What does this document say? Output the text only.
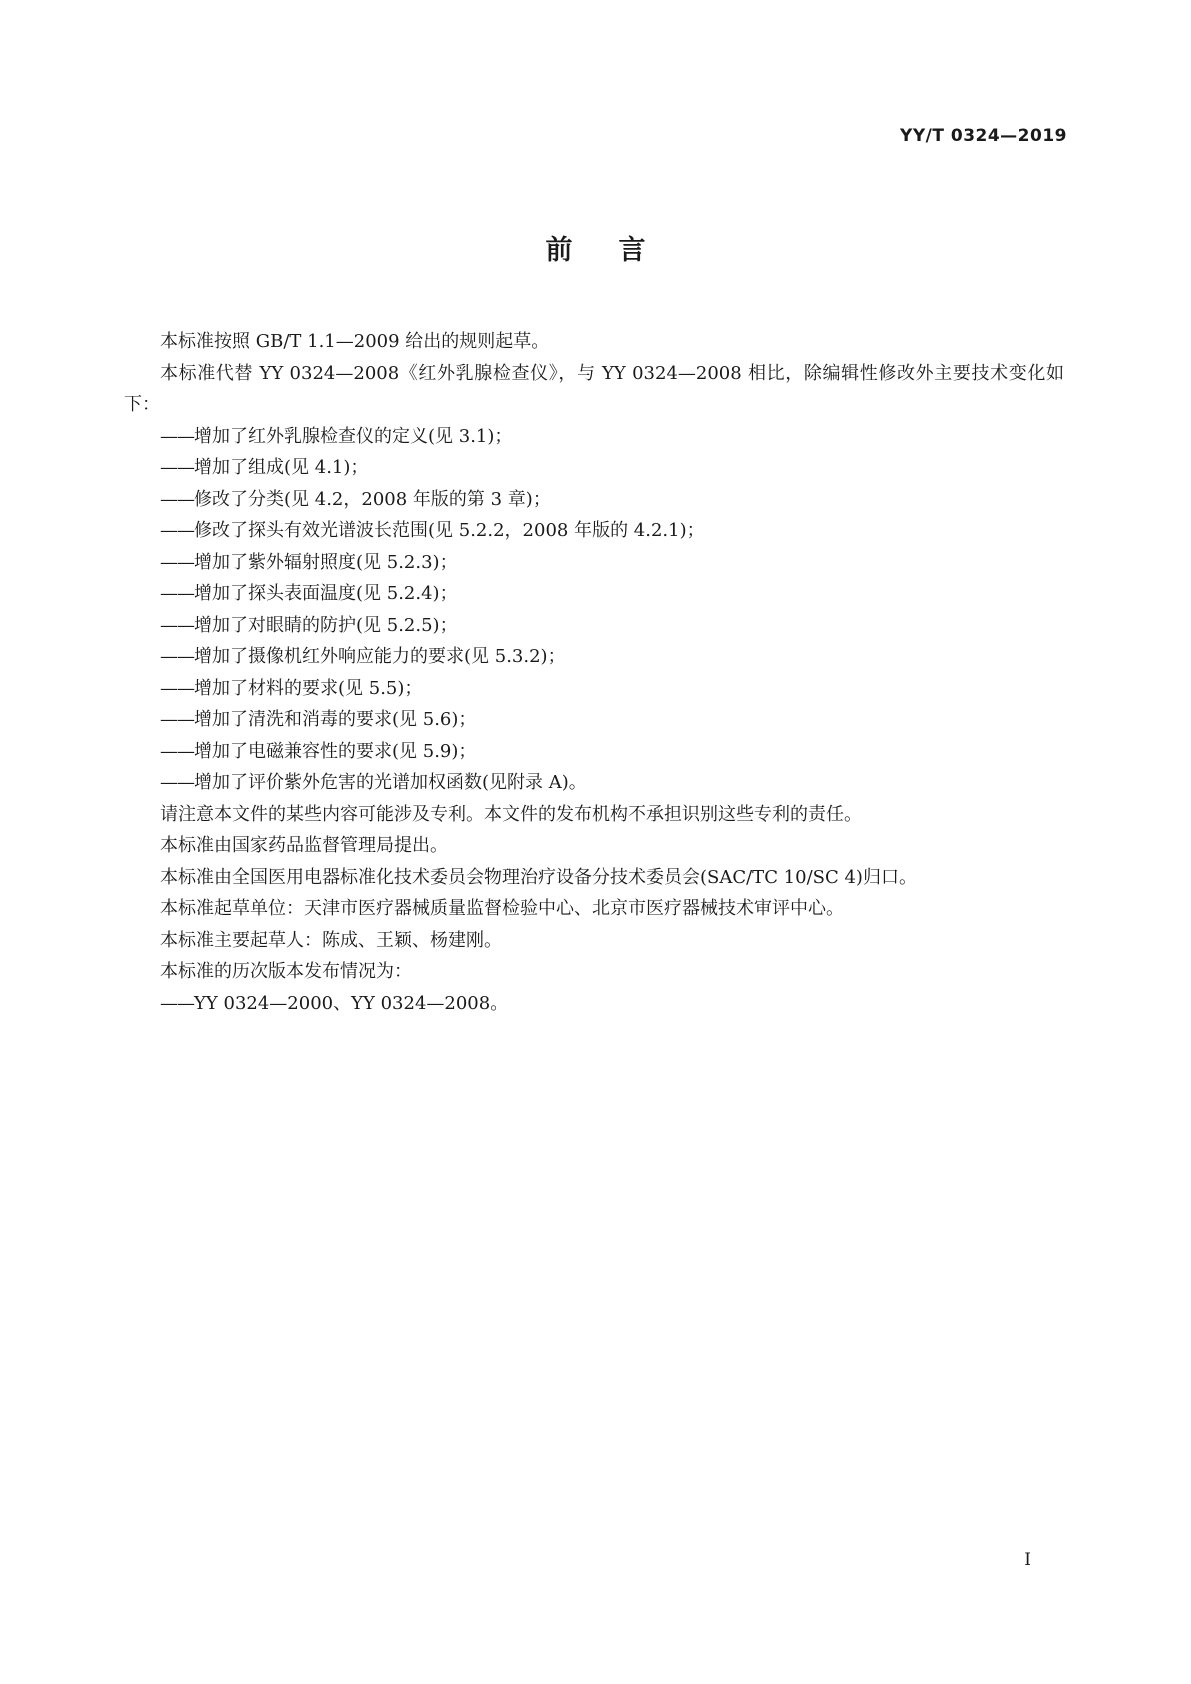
YY/T 0324—2019
前言

本标准按照 GB/T 1.1—2009 给出的规则起草。

本标准代替 YY 0324—2008《红外乳腺检查仪》，与 YY 0324—2008 相比，除编辑性修改外主要技术变化如下：

——增加了红外乳腺检查仪的定义(见 3.1)；
——增加了组成(见 4.1)；
——修改了分类(见 4.2，2008 年版的第 3 章)；
——修改了探头有效光谱波长范围(见 5.2.2，2008 年版的 4.2.1)；
——增加了紫外辐射照度(见 5.2.3)；
——增加了探头表面温度(见 5.2.4)；
——增加了对眼睛的防护(见 5.2.5)；
——增加了摄像机红外响应能力的要求(见 5.3.2)；
——增加了材料的要求(见 5.5)；
——增加了清洗和消毒的要求(见 5.6)；
——增加了电磁兼容性的要求(见 5.9)；
——增加了评价紫外危害的光谱加权函数(见附录 A)。

请注意本文件的某些内容可能涉及专利。本文件的发布机构不承担识别这些专利的责任。

本标准由国家药品监督管理局提出。

本标准由全国医用电器标准化技术委员会物理治疗设备分技术委员会(SAC/TC 10/SC 4)归口。

本标准起草单位：天津市医疗器械质量监督检验中心、北京市医疗器械技术审评中心。

本标准主要起草人：陈成、王颖、杨建刚。

本标准的历次版本发布情况为：

——YY 0324—2000、YY 0324—2008。
I
